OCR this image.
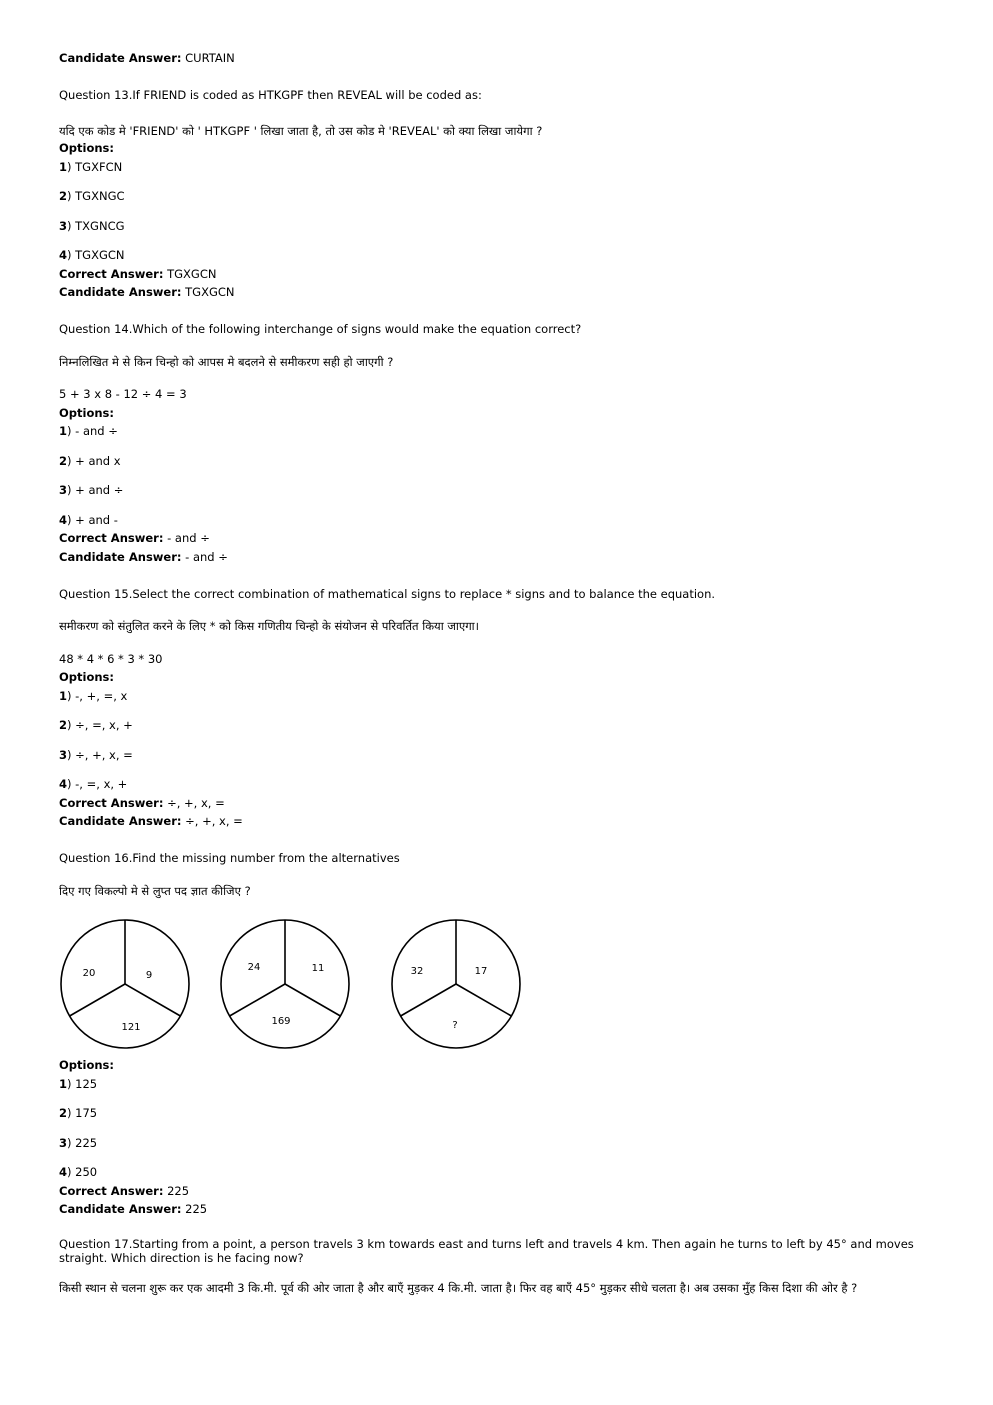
Candidate Answer: CURTAIN
Question 13.If FRIEND is coded as HTKGPF then REVEAL will be coded as:
यदि एक कोड मे 'FRIEND' को ' HTKGPF ' लिखा जाता है, तो उस कोड मे 'REVEAL' को क्या लिखा जायेगा ?
Options:
1) TGXFCN
2) TGXNGC
3) TXGNCG
4) TGXGCN
Correct Answer: TGXGCN
Candidate Answer: TGXGCN
Question 14.Which of the following interchange of signs would make the equation correct?
निम्नलिखित मे से किन चिन्हो को आपस मे बदलने से समीकरण सही हो जाएगी ?
5 + 3 x 8 - 12 ÷ 4 = 3
Options:
1) - and ÷
2) + and x
3) + and ÷
4) + and -
Correct Answer: - and ÷
Candidate Answer: - and ÷
Question 15.Select the correct combination of mathematical signs to replace * signs and to balance the equation.
समीकरण को संतुलित करने के लिए * को किस गणितीय चिन्हो के संयोजन से परिवर्तित किया जाएगा।
48 * 4 * 6 * 3 * 30
Options:
1) -, +, =, x
2) ÷, =, x, +
3) ÷, +, x, =
4) -, =, x, +
Correct Answer: ÷, +, x, =
Candidate Answer: ÷, +, x, =
Question 16.Find the missing number from the alternatives
दिए गए विकल्पो मे से लुप्त पद ज्ञात कीजिए ?
20	9
121
24	11
169
32	17
?
Options:
1) 125
2) 175
3) 225
4) 250
Correct Answer: 225
Candidate Answer: 225
Question 17.Starting from a point, a person travels 3 km towards east and turns left and travels 4 km. Then again he turns to left by 45° and moves straight. Which direction is he facing now?
किसी स्थान से चलना शुरू कर एक आदमी 3 कि.मी. पूर्व की ओर जाता है और बाएँ मुड़कर 4 कि.मी. जाता है। फिर वह बाएँ 45° मुड़कर सीधे चलता है। अब उसका मुँह किस दिशा की ओर है ?
